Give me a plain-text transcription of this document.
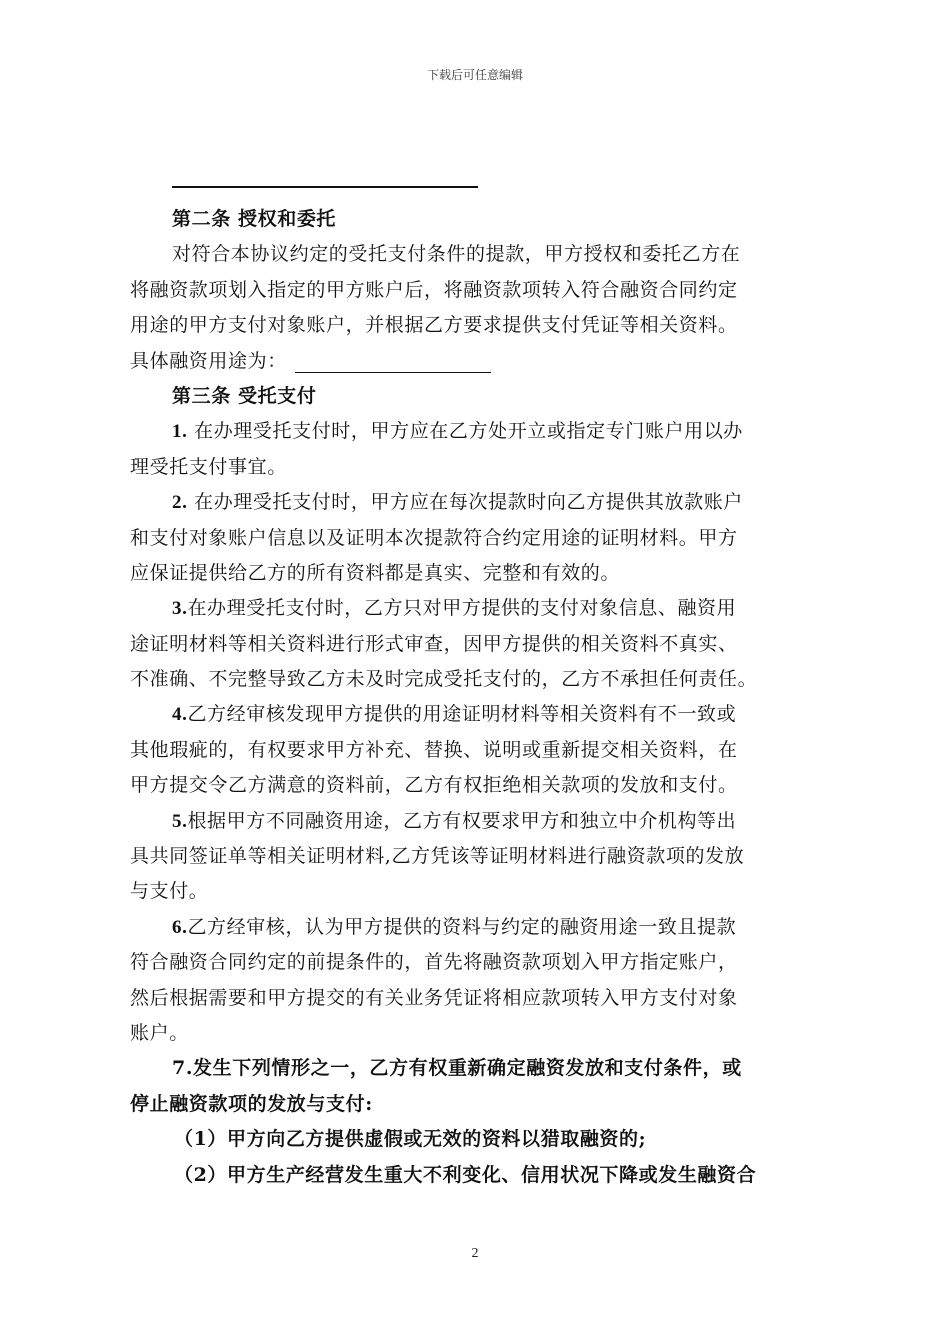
下载后可任意编辑
第二条 授权和委托
对符合本协议约定的受托支付条件的提款，甲方授权和委托乙方在
将融资款项划入指定的甲方账户后，将融资款项转入符合融资合同约定
用途的甲方支付对象账户，并根据乙方要求提供支付凭证等相关资料。
具体融资用途为：
第三条 受托支付
1. 在办理受托支付时，甲方应在乙方处开立或指定专门账户用以办
理受托支付事宜。
2. 在办理受托支付时，甲方应在每次提款时向乙方提供其放款账户
和支付对象账户信息以及证明本次提款符合约定用途的证明材料。甲方
应保证提供给乙方的所有资料都是真实、完整和有效的。
3.在办理受托支付时，乙方只对甲方提供的支付对象信息、融资用
途证明材料等相关资料进行形式审查，因甲方提供的相关资料不真实、
不准确、不完整导致乙方未及时完成受托支付的，乙方不承担任何责任。
4.乙方经审核发现甲方提供的用途证明材料等相关资料有不一致或
其他瑕疵的，有权要求甲方补充、替换、说明或重新提交相关资料，在
甲方提交令乙方满意的资料前，乙方有权拒绝相关款项的发放和支付。
5.根据甲方不同融资用途，乙方有权要求甲方和独立中介机构等出
具共同签证单等相关证明材料,乙方凭该等证明材料进行融资款项的发放
与支付。
6.乙方经审核，认为甲方提供的资料与约定的融资用途一致且提款
符合融资合同约定的前提条件的，首先将融资款项划入甲方指定账户，
然后根据需要和甲方提交的有关业务凭证将相应款项转入甲方支付对象
账户。
7.发生下列情形之一，乙方有权重新确定融资发放和支付条件，或
停止融资款项的发放与支付:
（1）甲方向乙方提供虚假或无效的资料以猎取融资的;
（2）甲方生产经营发生重大不利变化、信用状况下降或发生融资合
2
